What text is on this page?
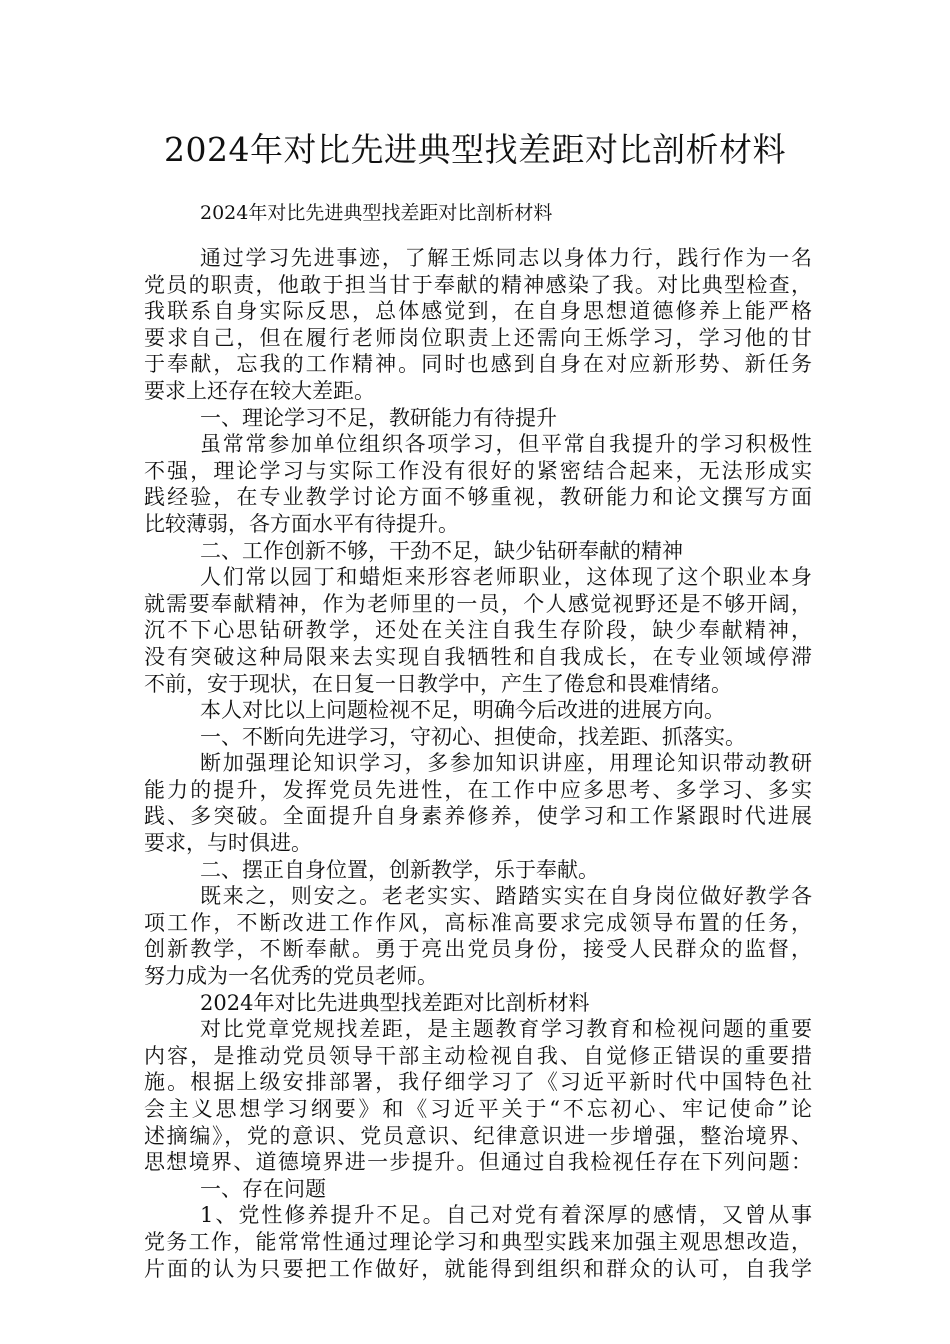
2024年对比先进典型找差距对比剖析材料
2024年对比先进典型找差距对比剖析材料
通过学习先进事迹，了解王烁同志以身体力行，践行作为一名
党员的职责，他敢于担当甘于奉献的精神感染了我。对比典型检查，
我联系自身实际反思，总体感觉到，在自身思想道德修养上能严格
要求自己，但在履行老师岗位职责上还需向王烁学习，学习他的甘
于奉献，忘我的工作精神。同时也感到自身在对应新形势、新任务
要求上还存在较大差距。
一、理论学习不足，教研能力有待提升
虽常常参加单位组织各项学习，但平常自我提升的学习积极性
不强，理论学习与实际工作没有很好的紧密结合起来，无法形成实
践经验，在专业教学讨论方面不够重视，教研能力和论文撰写方面
比较薄弱，各方面水平有待提升。
二、工作创新不够，干劲不足，缺少钻研奉献的精神
人们常以园丁和蜡炬来形容老师职业，这体现了这个职业本身
就需要奉献精神，作为老师里的一员，个人感觉视野还是不够开阔，
沉不下心思钻研教学，还处在关注自我生存阶段，缺少奉献精神，
没有突破这种局限来去实现自我牺牲和自我成长，在专业领域停滞
不前，安于现状，在日复一日教学中，产生了倦怠和畏难情绪。
本人对比以上问题检视不足，明确今后改进的进展方向。
一、不断向先进学习，守初心、担使命，找差距、抓落实。
断加强理论知识学习，多参加知识讲座，用理论知识带动教研
能力的提升，发挥党员先进性，在工作中应多思考、多学习、多实
践、多突破。全面提升自身素养修养，使学习和工作紧跟时代进展
要求，与时俱进。
二、摆正自身位置，创新教学，乐于奉献。
既来之，则安之。老老实实、踏踏实实在自身岗位做好教学各
项工作，不断改进工作作风，高标准高要求完成领导布置的任务，
创新教学，不断奉献。勇于亮出党员身份，接受人民群众的监督，
努力成为一名优秀的党员老师。
2024年对比先进典型找差距对比剖析材料
对比党章党规找差距，是主题教育学习教育和检视问题的重要
内容，是推动党员领导干部主动检视自我、自觉修正错误的重要措
施。根据上级安排部署，我仔细学习了《习近平新时代中国特色社
会主义思想学习纲要》和《习近平关于“不忘初心、牢记使命”论
述摘编》，党的意识、党员意识、纪律意识进一步增强，整治境界、
思想境界、道德境界进一步提升。但通过自我检视任存在下列问题：
一、存在问题
1、党性修养提升不足。自己对党有着深厚的感情，又曾从事
党务工作，能常常性通过理论学习和典型实践来加强主观思想改造，
片面的认为只要把工作做好，就能得到组织和群众的认可，自我学
